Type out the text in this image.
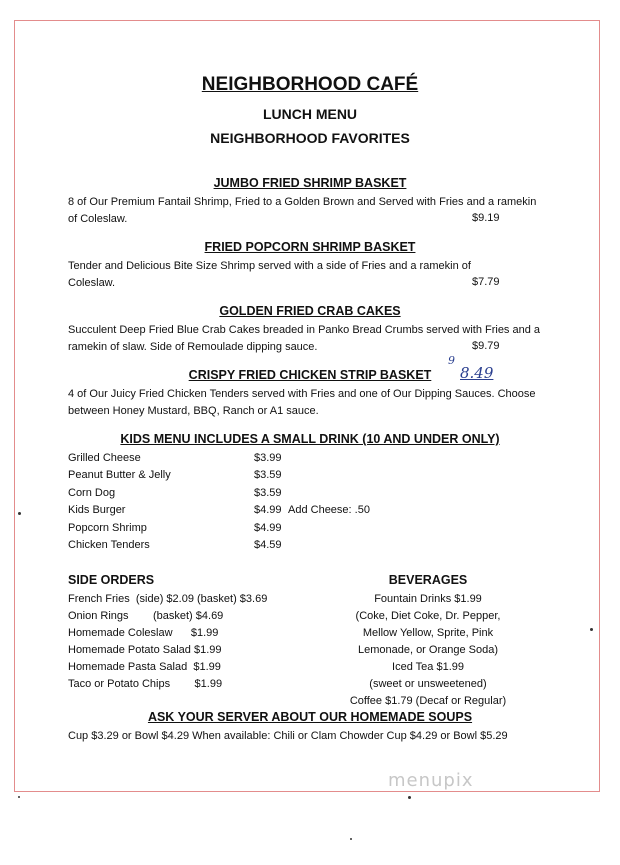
NEIGHBORHOOD CAFÉ
LUNCH MENU
NEIGHBORHOOD FAVORITES
JUMBO FRIED SHRIMP BASKET
8 of Our Premium Fantail Shrimp, Fried to a Golden Brown and Served with Fries and a ramekin
of Coleslaw.	$9.19
FRIED POPCORN SHRIMP BASKET
Tender and Delicious Bite Size Shrimp served with a side of Fries and a ramekin of
Coleslaw.	$7.79
GOLDEN FRIED CRAB CAKES
Succulent Deep Fried Blue Crab Cakes breaded in Panko Bread Crumbs served with Fries and a
ramekin of slaw. Side of Remoulade dipping sauce.	$9.79
CRISPY FRIED CHICKEN STRIP BASKET
9
8.49
4 of Our Juicy Fried Chicken Tenders served with Fries and one of Our Dipping Sauces. Choose
between Honey Mustard, BBQ, Ranch or A1 sauce.
KIDS MENU INCLUDES A SMALL DRINK (10 AND UNDER ONLY)
Grilled Cheese	$3.99
Peanut Butter & Jelly	$3.59
Corn Dog	$3.59
Kids Burger	$4.99 Add Cheese: .50
Popcorn Shrimp	$4.99
Chicken Tenders	$4.59
SIDE ORDERS
French Fries  (side) $2.09 (basket) $3.69
Onion Rings        (basket) $4.69
Homemade Coleslaw      $1.99
Homemade Potato Salad $1.99
Homemade Pasta Salad  $1.99
Taco or Potato Chips        $1.99
BEVERAGES
Fountain Drinks $1.99
(Coke, Diet Coke, Dr. Pepper,
Mellow Yellow, Sprite, Pink
Lemonade, or Orange Soda)
Iced Tea $1.99
(sweet or unsweetened)
Coffee $1.79 (Decaf or Regular)
ASK YOUR SERVER ABOUT OUR HOMEMADE SOUPS
Cup $3.29 or Bowl $4.29 When available: Chili or Clam Chowder Cup $4.29 or Bowl $5.29
menupix
